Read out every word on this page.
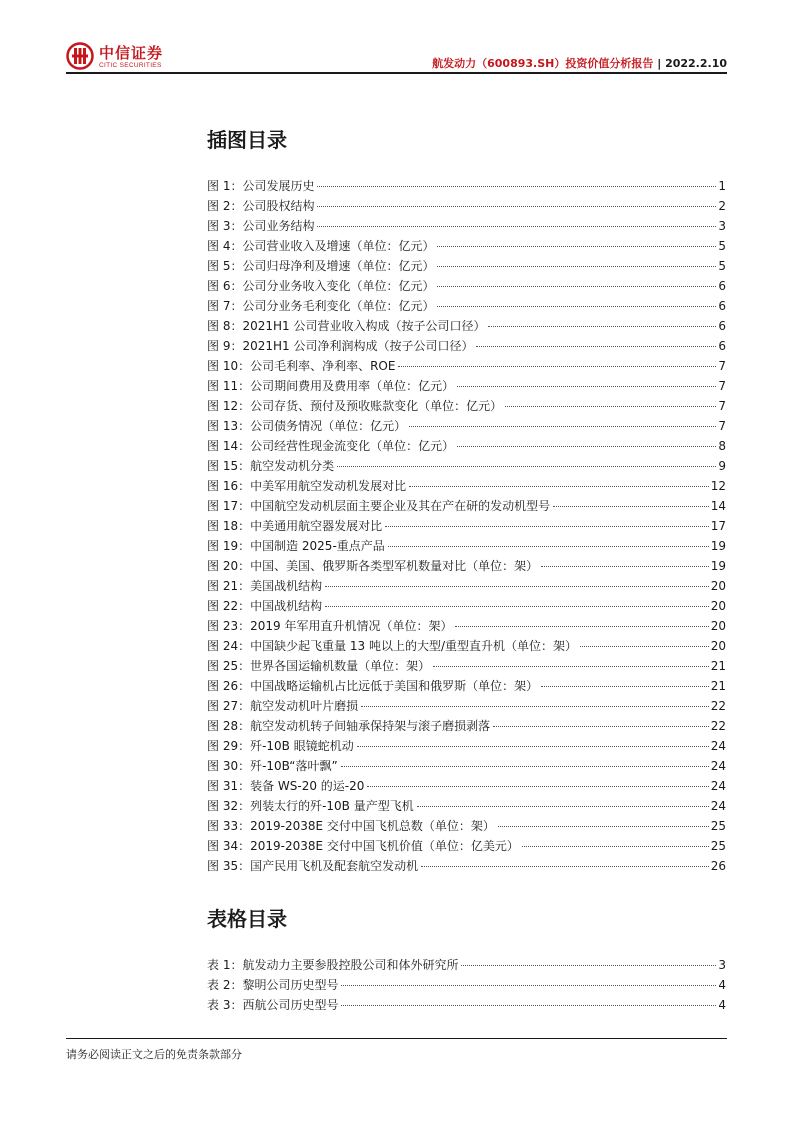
中信证券
CITIC SECURITIES	航发动力（600893.SH）投资价值分析报告 | 2022.2.10
插图目录
图 1：公司发展历史	1
图 2：公司股权结构	2
图 3：公司业务结构	3
图 4：公司营业收入及增速（单位：亿元）	5
图 5：公司归母净利及增速（单位：亿元）	5
图 6：公司分业务收入变化（单位：亿元）	6
图 7：公司分业务毛利变化（单位：亿元）	6
图 8：2021H1 公司营业收入构成（按子公司口径）	6
图 9：2021H1 公司净利润构成（按子公司口径）	6
图 10：公司毛利率、净利率、ROE	7
图 11：公司期间费用及费用率（单位：亿元）	7
图 12：公司存货、预付及预收账款变化（单位：亿元）	7
图 13：公司债务情况（单位：亿元）	7
图 14：公司经营性现金流变化（单位：亿元）	8
图 15：航空发动机分类	9
图 16：中美军用航空发动机发展对比	12
图 17：中国航空发动机层面主要企业及其在产在研的发动机型号	14
图 18：中美通用航空器发展对比	17
图 19：中国制造 2025-重点产品	19
图 20：中国、美国、俄罗斯各类型军机数量对比（单位：架）	19
图 21：美国战机结构	20
图 22：中国战机结构	20
图 23：2019 年军用直升机情况（单位：架）	20
图 24：中国缺少起飞重量 13 吨以上的大型/重型直升机（单位：架）	20
图 25：世界各国运输机数量（单位：架）	21
图 26：中国战略运输机占比远低于美国和俄罗斯（单位：架）	21
图 27：航空发动机叶片磨损	22
图 28：航空发动机转子间轴承保持架与滚子磨损剥落	22
图 29：歼-10B 眼镜蛇机动	24
图 30：歼-10B“落叶飘”	24
图 31：装备 WS-20 的运-20	24
图 32：列装太行的歼-10B 量产型飞机	24
图 33：2019-2038E 交付中国飞机总数（单位：架）	25
图 34：2019-2038E 交付中国飞机价值（单位：亿美元）	25
图 35：国产民用飞机及配套航空发动机	26
表格目录
表 1：航发动力主要参股控股公司和体外研究所	3
表 2：黎明公司历史型号	4
表 3：西航公司历史型号	4
请务必阅读正文之后的免责条款部分
